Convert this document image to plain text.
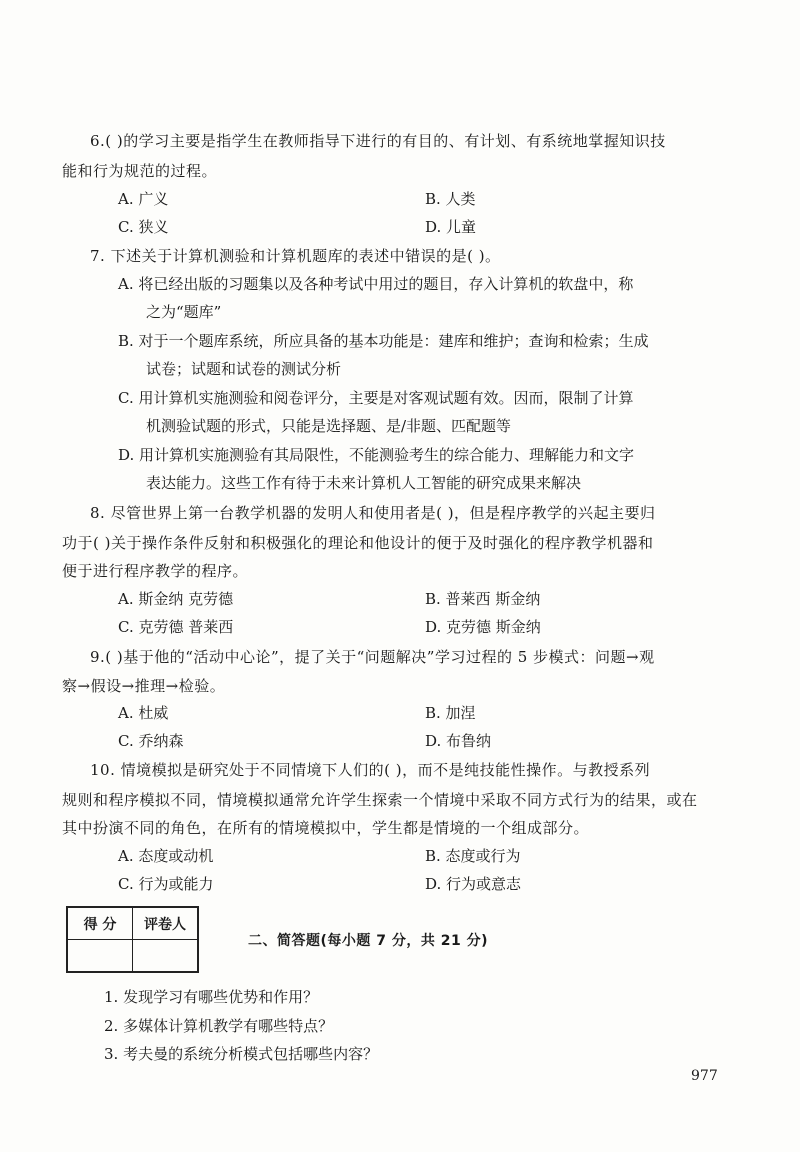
6.( )的学习主要是指学生在教师指导下进行的有目的、有计划、有系统地掌握知识技
能和行为规范的过程。
A. 广义	B. 人类
C. 狭义	D. 儿童
7. 下述关于计算机测验和计算机题库的表述中错误的是( )。
A. 将已经出版的习题集以及各种考试中用过的题目，存入计算机的软盘中，称
之为“题库”
B. 对于一个题库系统，所应具备的基本功能是：建库和维护；查询和检索；生成
试卷；试题和试卷的测试分析
C. 用计算机实施测验和阅卷评分，主要是对客观试题有效。因而，限制了计算
机测验试题的形式，只能是选择题、是/非题、匹配题等
D. 用计算机实施测验有其局限性，不能测验考生的综合能力、理解能力和文字
表达能力。这些工作有待于未来计算机人工智能的研究成果来解决
8. 尽管世界上第一台教学机器的发明人和使用者是( )，但是程序教学的兴起主要归
功于( )关于操作条件反射和积极强化的理论和他设计的便于及时强化的程序教学机器和
便于进行程序教学的程序。
A. 斯金纳 克劳德	B. 普莱西 斯金纳
C. 克劳德 普莱西	D. 克劳德 斯金纳
9.( )基于他的“活动中心论”，提了关于“问题解决”学习过程的 5 步模式：问题→观
察→假设→推理→检验。
A. 杜威	B. 加涅
C. 乔纳森	D. 布鲁纳
10. 情境模拟是研究处于不同情境下人们的( )，而不是纯技能性操作。与教授系列
规则和程序模拟不同，情境模拟通常允许学生探索一个情境中采取不同方式行为的结果，或在
其中扮演不同的角色，在所有的情境模拟中，学生都是情境的一个组成部分。
A. 态度或动机	B. 态度或行为
C. 行为或能力	D. 行为或意志
得 分	评卷人

二、简答题(每小题 7 分，共 21 分)
1. 发现学习有哪些优势和作用？
2. 多媒体计算机教学有哪些特点？
3. 考夫曼的系统分析模式包括哪些内容？
977
